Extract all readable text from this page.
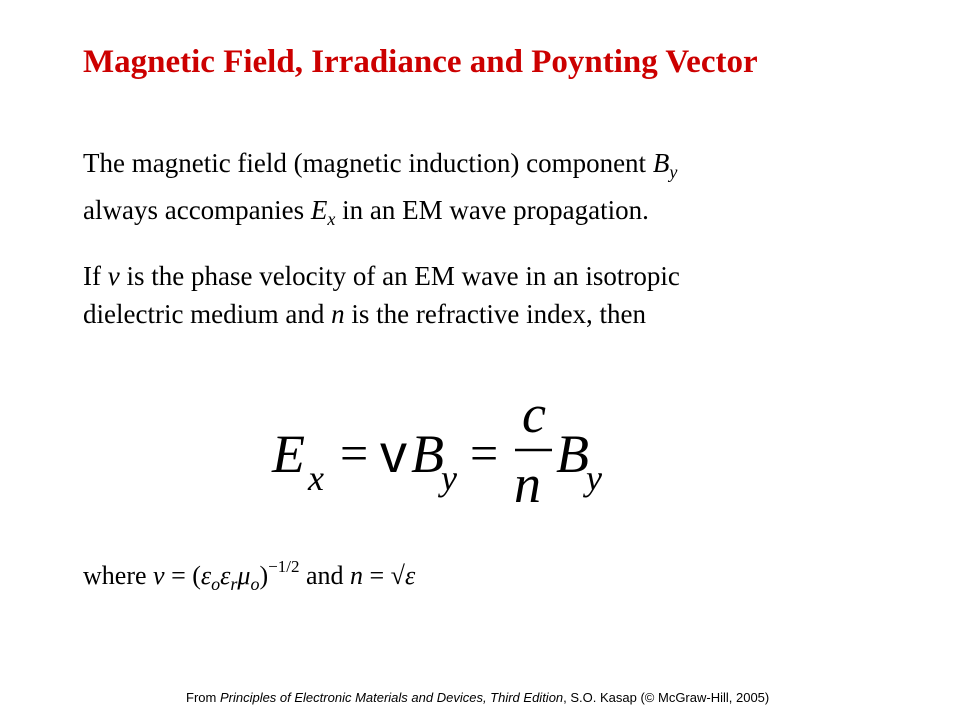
Magnetic Field, Irradiance and Poynting Vector
The magnetic field (magnetic induction) component $B_y$
always accompanies $E_x$ in an EM wave propagation.
If v is the phase velocity of an EM wave in an isotropic
dielectric medium and n is the refractive index, then
E x = v B
y =
c
n B
y
where $v = (\varepsilon_o\varepsilon_r\mu_o)^{-1/2}$ and n = √ε
From Principles of Electronic Materials and Devices, Third Edition, S.O. Kasap (© McGraw-Hill, 2005)
